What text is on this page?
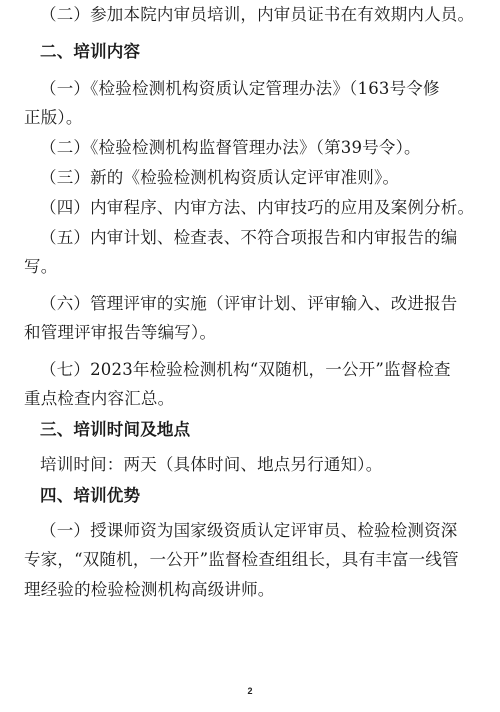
（二）参加本院内审员培训，内审员证书在有效期内人员。
二、培训内容
（一）《检验检测机构资质认定管理办法》（163号令修
正版）。
（二）《检验检测机构监督管理办法》（第39号令）。
（三）新的《检验检测机构资质认定评审准则》。
（四）内审程序、内审方法、内审技巧的应用及案例分析。
（五）内审计划、检查表、不符合项报告和内审报告的编
写。
（六）管理评审的实施（评审计划、评审输入、改进报告
和管理评审报告等编写）。
（七）2023年检验检测机构“双随机，一公开”监督检查
重点检查内容汇总。
三、培训时间及地点
培训时间：两天（具体时间、地点另行通知）。
四、培训优势
（一）授课师资为国家级资质认定评审员、检验检测资深
专家，“双随机，一公开”监督检查组组长，具有丰富一线管
理经验的检验检测机构高级讲师。
2
